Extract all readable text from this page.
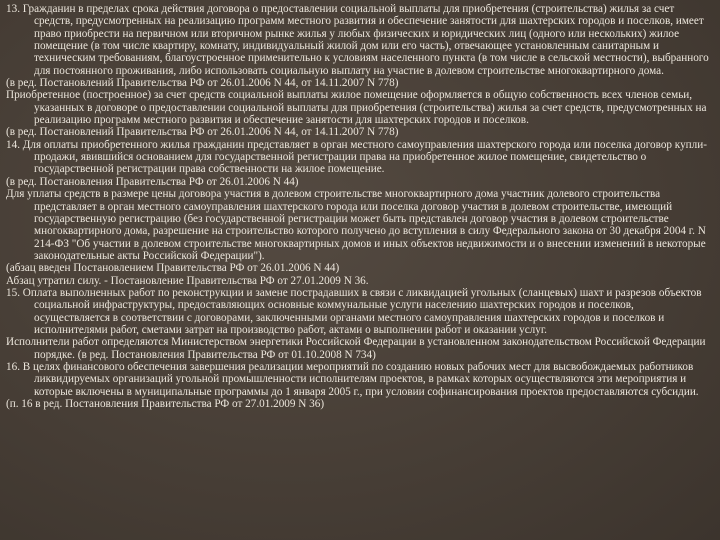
13. Гражданин в пределах срока действия договора о предоставлении социальной выплаты для приобретения (строительства) жилья за счет средств, предусмотренных на реализацию программ местного развития и обеспечение занятости для шахтерских городов и поселков, имеет право приобрести на первичном или вторичном рынке жилья у любых физических и юридических лиц (одного или нескольких) жилое помещение (в том числе квартиру, комнату, индивидуальный жилой дом или его часть), отвечающее установленным санитарным и техническим требованиям, благоустроенное применительно к условиям населенного пункта (в том числе в сельской местности), выбранного для постоянного проживания, либо использовать социальную выплату на участие в долевом строительстве многоквартирного дома.

(в ред. Постановлений Правительства РФ от 26.01.2006 N 44, от 14.11.2007 N 778)

Приобретенное (построенное) за счет средств социальной выплаты жилое помещение оформляется в общую собственность всех членов семьи, указанных в договоре о предоставлении социальной выплаты для приобретения (строительства) жилья за счет средств, предусмотренных на реализацию программ местного развития и обеспечение занятости для шахтерских городов и поселков.

(в ред. Постановлений Правительства РФ от 26.01.2006 N 44, от 14.11.2007 N 778)

14. Для оплаты приобретенного жилья гражданин представляет в орган местного самоуправления шахтерского города или поселка договор купли-продажи, явившийся основанием для государственной регистрации права на приобретенное жилое помещение, свидетельство о государственной регистрации права собственности на жилое помещение.

(в ред. Постановления Правительства РФ от 26.01.2006 N 44)

Для уплаты средств в размере цены договора участия в долевом строительстве многоквартирного дома участник долевого строительства представляет в орган местного самоуправления шахтерского города или поселка договор участия в долевом строительстве, имеющий государственную регистрацию (без государственной регистрации может быть представлен договор участия в долевом строительстве многоквартирного дома, разрешение на строительство которого получено до вступления в силу Федерального закона от 30 декабря 2004 г. N 214-ФЗ "Об участии в долевом строительстве многоквартирных домов и иных объектов недвижимости и о внесении изменений в некоторые законодательные акты Российской Федерации").

(абзац введен Постановлением Правительства РФ от 26.01.2006 N 44)

Абзац утратил силу. - Постановление Правительства РФ от 27.01.2009 N 36.

15. Оплата выполненных работ по реконструкции и замене пострадавших в связи с ликвидацией угольных (сланцевых) шахт и разрезов объектов социальной инфраструктуры, предоставляющих основные коммунальные услуги населению шахтерских городов и поселков, осуществляется в соответствии с договорами, заключенными органами местного самоуправления шахтерских городов и поселков и исполнителями работ, сметами затрат на производство работ, актами о выполнении работ и оказании услуг.

Исполнители работ определяются Министерством энергетики Российской Федерации в установленном законодательством Российской Федерации порядке. (в ред. Постановления Правительства РФ от 01.10.2008 N 734)

16. В целях финансового обеспечения завершения реализации мероприятий по созданию новых рабочих мест для высвобождаемых работников ликвидируемых организаций угольной промышленности исполнителям проектов, в рамках которых осуществляются эти мероприятия и которые включены в муниципальные программы до 1 января 2005 г., при условии софинансирования проектов предоставляются субсидии.

(п. 16 в ред. Постановления Правительства РФ от 27.01.2009 N 36)
